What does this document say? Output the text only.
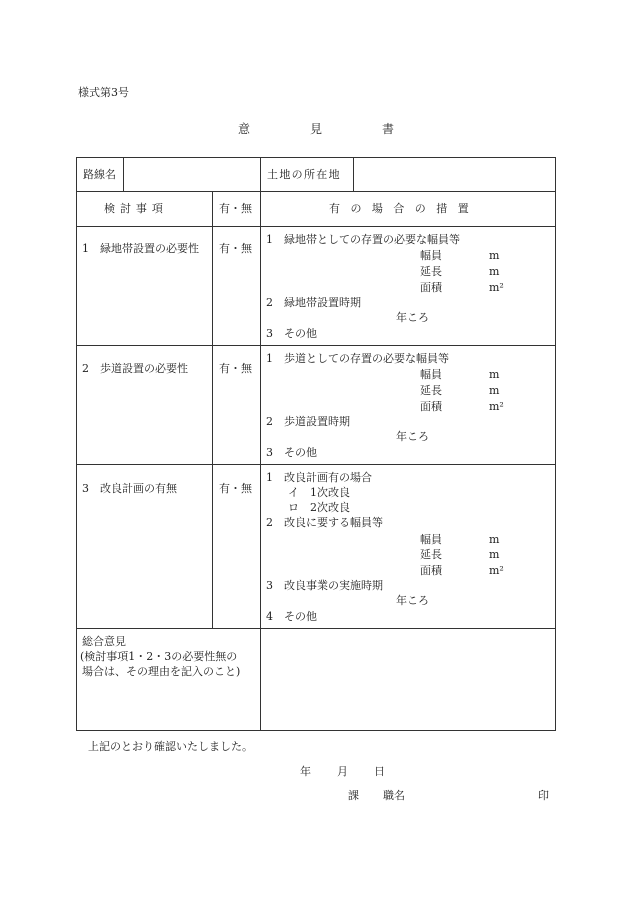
様式第3号
意	見	書
路線名	土地の所在地
検討事項	有・無	有の場合の措置
1　緑地帯設置の必要性 有・無
1　緑地帯としての存置の必要な幅員等
幅員	m
延長	m
面積	m²
2　緑地帯設置時期
年ころ
3　その他
2　歩道設置の必要性	有・無
1　歩道としての存置の必要な幅員等
幅員	m
延長	m
面積	m²
2　歩道設置時期
年ころ
3　その他
3　改良計画の有無	有・無
1　改良計画有の場合
イ　1次改良
ロ　2次改良
2　改良に要する幅員等
幅員	m
延長	m
面積	m²
3　改良事業の実施時期
年ころ
4　その他
総合意見
(検討事項1・2・3の必要性無の
場合は、その理由を記入のこと)
上記のとおり確認いたしました。
年 月 日
課 職名	印
